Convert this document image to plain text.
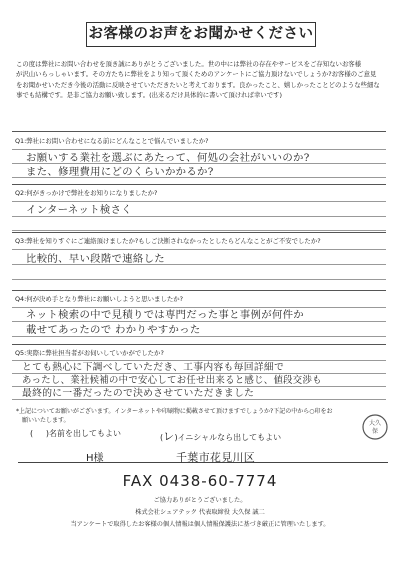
お客様のお声をお聞かせください

この度は弊社にお問い合わせを頂き誠にありがとうございました。世の中には弊社の存在やサービスをご存知ないお客様

が沢山いらっしゃいます。その方たちに弊社をより知って頂くためのアンケートにご協力頂けないでしょうか?お客様のご意見

をお聞かせいただき今後の活動に反映させていただきたいと考えております。良かったこと、嬉しかったことどのような些細な

事でも結構です。是非ご協力お願い致します。(出来るだけ具体的に書いて頂ければ幸いです)

Q1:弊社にお問い合わせになる前にどんなことで悩んでいましたか?
お願いする業社を選ぶにあたって、何処の会社がいいのか?
また、修理費用にどのくらいかかるか?
Q2:何がきっかけで弊社をお知りになりましたか?
インターネット検さく
Q3:弊社を知りすぐにご連絡頂けましたか?もしご決断されなかったとしたらどんなことがご不安でしたか?
比較的、早い段階で連絡した
Q4:何が決め手となり弊社にお願いしようと思いましたか?
ネット検索の中で見積りでは専門だった事と事例が何件か
載せてあったので わかりやすかった
Q5:実際に弊社担当者がお伺いしていかがでしたか?
とても熱心に下調べしていただき、工事内容も毎回詳細で
あったし、業社候補の中で安心してお任せ出来ると感じ、値段交渉も
最終的に一番だったので決めさせていただきました
*上記についてお願いがございます。インターネットや印刷物に掲載させて頂けますでしょうか?下記の中から○印をお
願いいたします。
(     )名前を出してもよい	(レ)イニシャルなら出してもよい
大久
保
H様	千葉市花見川区
FAX 0438-60-7774
ご協力ありがとうございました。
株式会社シェアテック 代表取締役 大久保 誠二
当アンケートで取得したお客様の個人情報は個人情報保護法に基づき厳正に管理いたします。
